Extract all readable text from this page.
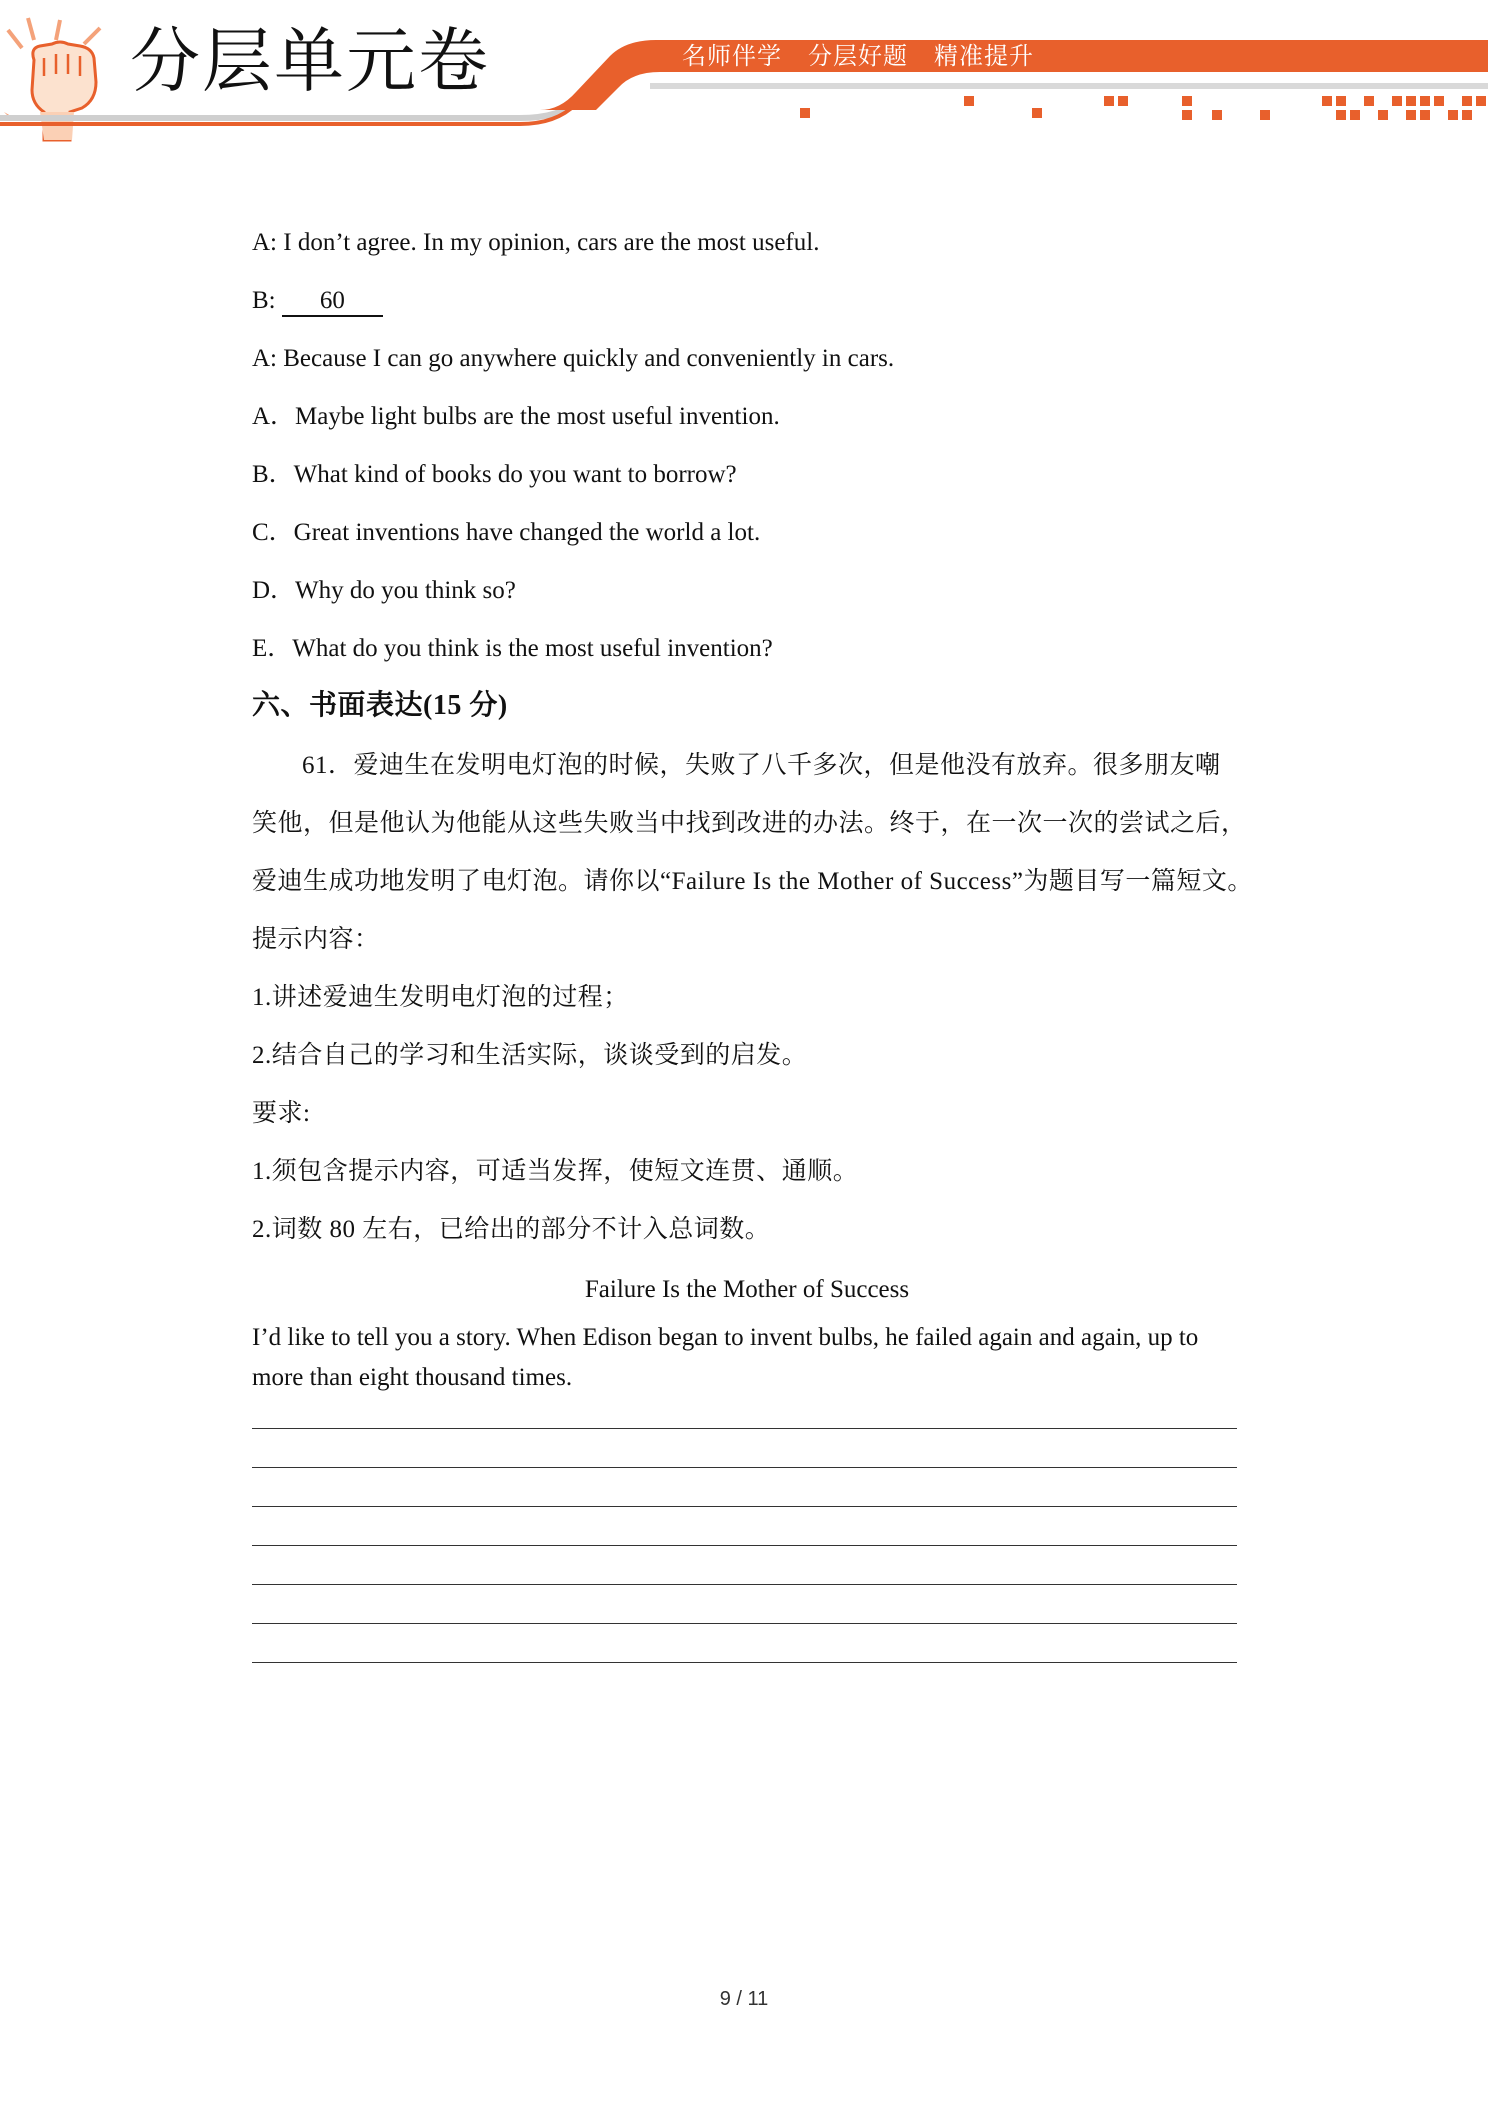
分层单元卷	名师伴学 分层好题 精准提升
A: I don’t agree. In my opinion, cars are the most useful.
B: 60
A: Because I can go anywhere quickly and conveniently in cars.
A．Maybe light bulbs are the most useful invention.
B．What kind of books do you want to borrow?
C．Great inventions have changed the world a lot.
D．Why do you think so?
E．What do you think is the most useful invention?
六、书面表达(15 分)
61．爱迪生在发明电灯泡的时候，失败了八千多次，但是他没有放弃。很多朋友嘲
笑他，但是他认为他能从这些失败当中找到改进的办法。终于，在一次一次的尝试之后，
爱迪生成功地发明了电灯泡。请你以“Failure Is the Mother of Success”为题目写一篇短文。
提示内容：
1.讲述爱迪生发明电灯泡的过程；
2.结合自己的学习和生活实际，谈谈受到的启发。
要求:
1.须包含提示内容，可适当发挥，使短文连贯、通顺。
2.词数 80 左右，已给出的部分不计入总词数。
Failure Is the Mother of Success
I’d like to tell you a story. When Edison began to invent bulbs, he failed again and again, up to more than eight thousand times.
9 / 11
